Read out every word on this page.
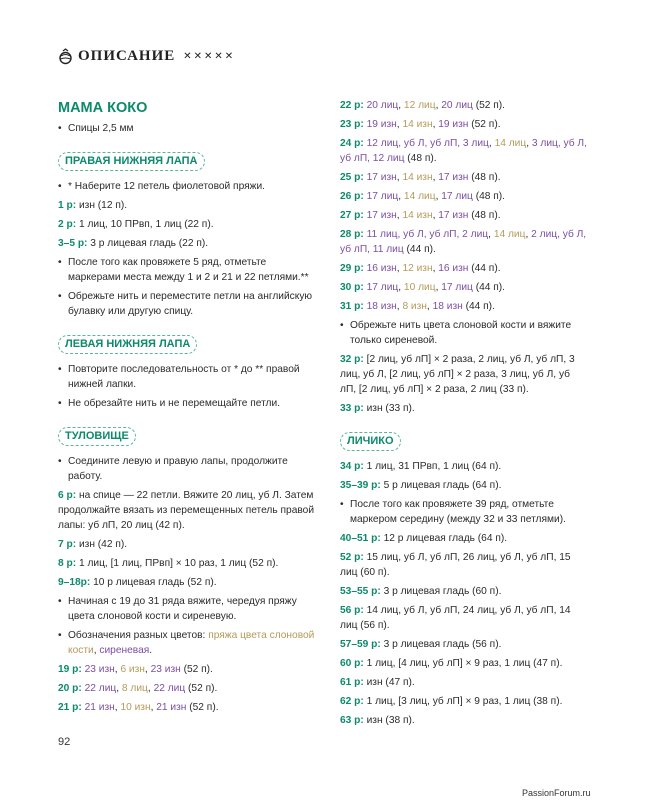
ОПИСАНИЕ ✕✕✕✕✕
МАМА КОКО
• Спицы 2,5 мм
ПРАВАЯ НИЖНЯЯ ЛАПА
• * Наберите 12 петель фиолетовой пряжи.

1 р: изн (12 п).

2 р: 1 лиц, 10 ПРвп, 1 лиц (22 п).

3–5 р: 3 р лицевая гладь (22 п).

• После того как провяжете 5 ряд, отметьте маркерами места между 1 и 2 и 21 и 22 петлями.**
• Обрежьте нить и переместите петли на английскую булавку или другую спицу.
ЛЕВАЯ НИЖНЯЯ ЛАПА
• Повторите последовательность от * до ** правой нижней лапки.
• Не обрезайте нить и не перемещайте петли.
ТУЛОВИЩЕ
• Соедините левую и правую лапы, продолжите работу.

6 р: на спице — 22 петли. Вяжите 20 лиц, уб Л. Затем продолжайте вязать из перемещенных петель правой лапы: уб лП, 20 лиц (42 п).

7 р: изн (42 п).

8 р: 1 лиц, [1 лиц, ПРвп] × 10 раз, 1 лиц (52 п).

9–18р: 10 р лицевая гладь (52 п).

• Начиная с 19 до 31 ряда вяжите, чередуя пряжу цвета слоновой кости и сиреневую.
• Обозначения разных цветов: пряжа цвета слоновой кости, сиреневая.

19 р: 23 изн, 6 изн, 23 изн (52 п).

20 р: 22 лиц, 8 лиц, 22 лиц (52 п).

21 р: 21 изн, 10 изн, 21 изн (52 п).

22 р: 20 лиц, 12 лиц, 20 лиц (52 п).

23 р: 19 изн, 14 изн, 19 изн (52 п).

24 р: 12 лиц, уб Л, уб лП, 3 лиц, 14 лиц, 3 лиц, уб Л, уб лП, 12 лиц (48 п).

25 р: 17 изн, 14 изн, 17 изн (48 п).

26 р: 17 лиц, 14 лиц, 17 лиц (48 п).

27 р: 17 изн, 14 изн, 17 изн (48 п).

28 р: 11 лиц, уб Л, уб лП, 2 лиц, 14 лиц, 2 лиц, уб Л, уб лП, 11 лиц (44 п).

29 р: 16 изн, 12 изн, 16 изн (44 п).

30 р: 17 лиц, 10 лиц, 17 лиц (44 п).

31 р: 18 изн, 8 изн, 18 изн (44 п).

• Обрежьте нить цвета слоновой кости и вяжите только сиреневой.

32 р: [2 лиц, уб лП] × 2 раза, 2 лиц, уб Л, уб лП, 3 лиц, уб Л, [2 лиц, уб лП] × 2 раза, 3 лиц, уб Л, уб лП, [2 лиц, уб лП] × 2 раза, 2 лиц (33 п).

33 р: изн (33 п).

ЛИЧИКО

34 р: 1 лиц, 31 ПРвп, 1 лиц (64 п).

35–39 р: 5 р лицевая гладь (64 п).

• После того как провяжете 39 ряд, отметьте маркером середину (между 32 и 33 петлями).

40–51 р: 12 р лицевая гладь (64 п).

52 р: 15 лиц, уб Л, уб лП, 26 лиц, уб Л, уб лП, 15 лиц (60 п).

53–55 р: 3 р лицевая гладь (60 п).

56 р: 14 лиц, уб Л, уб лП, 24 лиц, уб Л, уб лП, 14 лиц (56 п).

57–59 р: 3 р лицевая гладь (56 п).

60 р: 1 лиц, [4 лиц, уб лП] × 9 раз, 1 лиц (47 п).

61 р: изн (47 п).

62 р: 1 лиц, [3 лиц, уб лП] × 9 раз, 1 лиц (38 п).

63 р: изн (38 п).

92
PassionForum.ru
